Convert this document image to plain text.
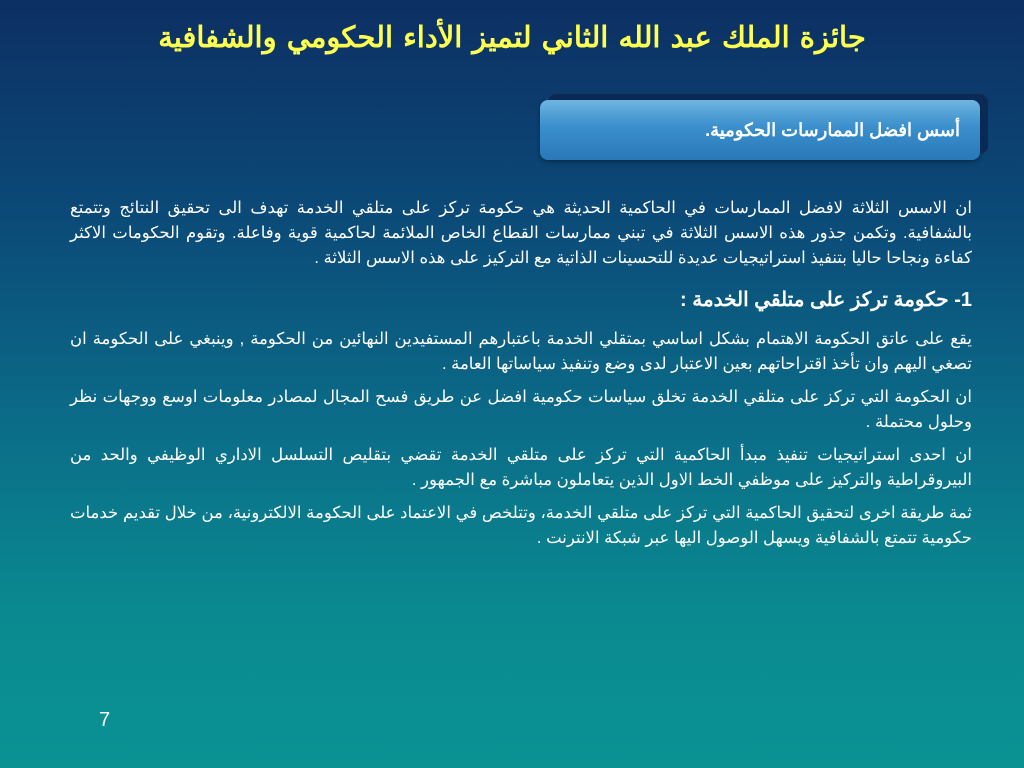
جائزة الملك عبد الله الثاني لتميز الأداء الحكومي والشفافية
أسس افضل الممارسات الحكومية.

ان الاسس الثلاثة لافضل الممارسات في الحاكمية الحديثة هي حكومة تركز على متلقي الخدمة تهدف الى تحقيق النتائج وتتمتع بالشفافية. وتكمن جذور هذه الاسس الثلاثة في تبني ممارسات القطاع الخاص الملائمة لحاكمية قوية وفاعلة. وتقوم الحكومات الاكثر كفاءة ونجاحا حاليا بتنفيذ استراتيجيات عديدة للتحسينات الذاتية مع التركيز على هذه الاسس الثلاثة .

1- حكومة تركز على متلقي الخدمة :

يقع على عاتق الحكومة الاهتمام بشكل اساسي بمتقلي الخدمة باعتبارهم المستفيدين النهائين من الحكومة , وينبغي على الحكومة ان تصغي اليهم وان تأخذ اقتراحاتهم بعين الاعتبار لدى وضع وتنفيذ سياساتها العامة .

ان الحكومة التي تركز على متلقي الخدمة تخلق سياسات حكومية افضل عن طريق فسح المجال لمصادر معلومات اوسع ووجهات نظر وحلول محتملة .

ان احدى استراتيجيات تنفيذ مبدأ الحاكمية التي تركز على متلقي الخدمة تقضي بتقليص التسلسل الاداري الوظيفي والحد من البيروقراطية والتركيز على موظفي الخط الاول الذين يتعاملون مباشرة مع الجمهور .

ثمة طريقة اخرى لتحقيق الحاكمية التي تركز على متلقي الخدمة، وتتلخص في الاعتماد على الحكومة الالكترونية، من خلال تقديم خدمات حكومية تتمتع بالشفافية ويسهل الوصول اليها عبر شبكة الانترنت .

7
